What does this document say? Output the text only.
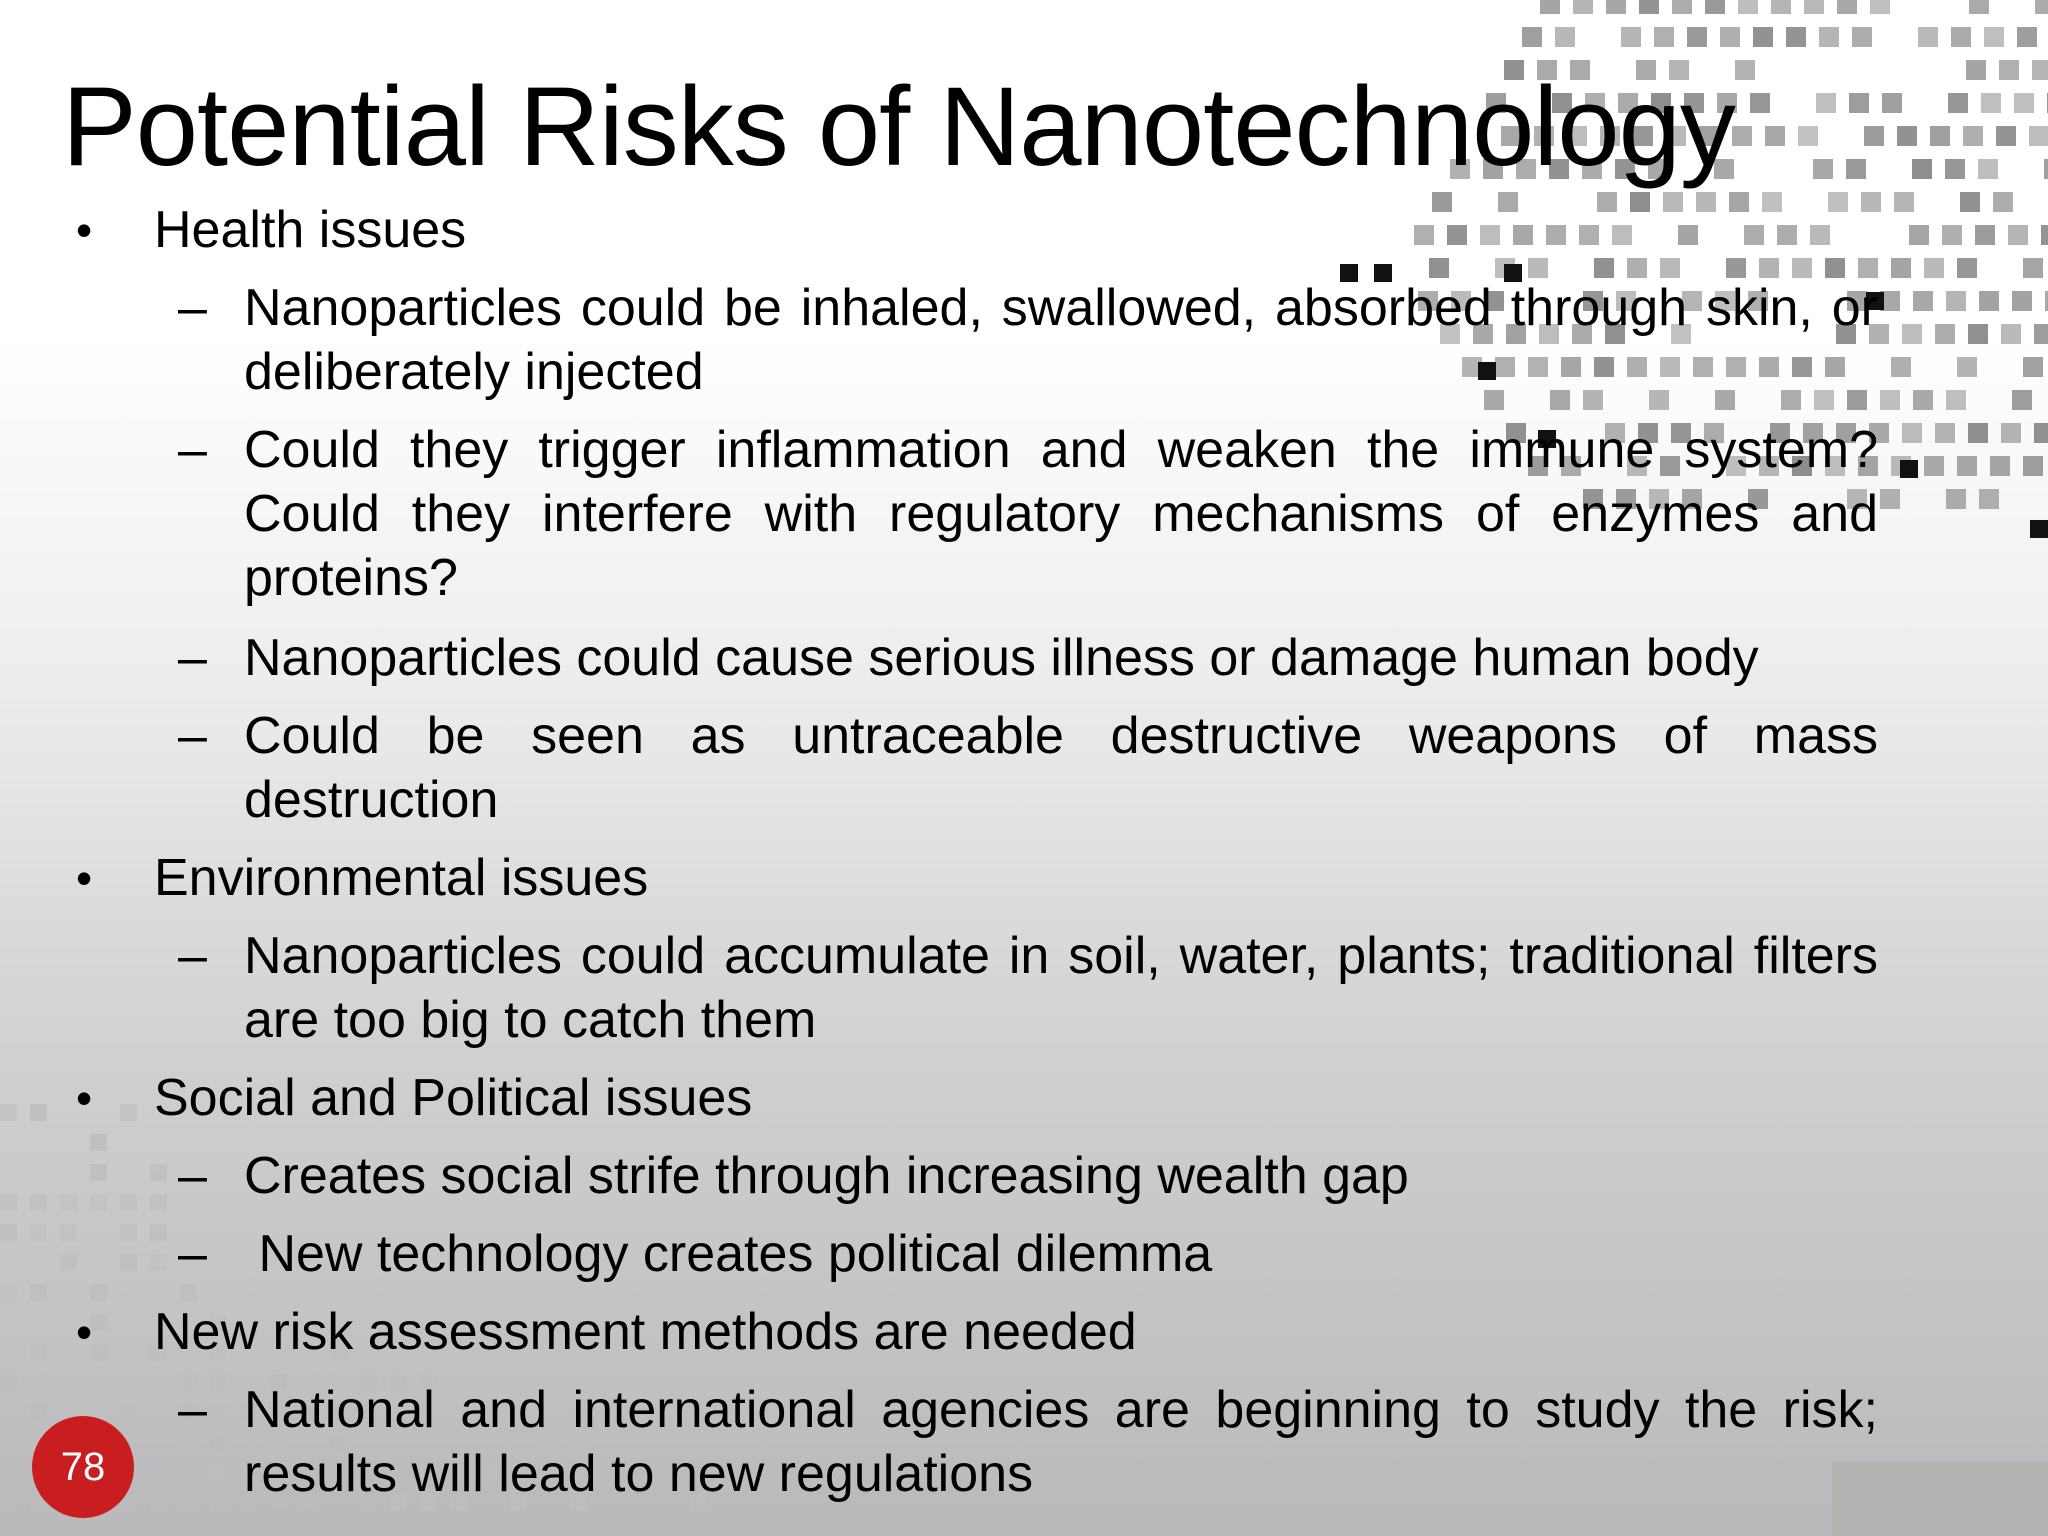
Potential Risks of Nanotechnology
• Health issues
– Nanoparticles could be inhaled, swallowed, absorbed through skin, or deliberately injected
– Could they trigger inflammation and weaken the immune system? Could they interfere with regulatory mechanisms of enzymes and proteins?
– Nanoparticles could cause serious illness or damage human body
– Could be seen as untraceable destructive weapons of mass destruction
• Environmental issues
– Nanoparticles could accumulate in soil, water, plants; traditional filters are too big to catch them
• Social and Political issues
– Creates social strife through increasing wealth gap
– New technology creates political dilemma
• New risk assessment methods are needed
– National and international agencies are beginning to study the risk; results will lead to new regulations
78
